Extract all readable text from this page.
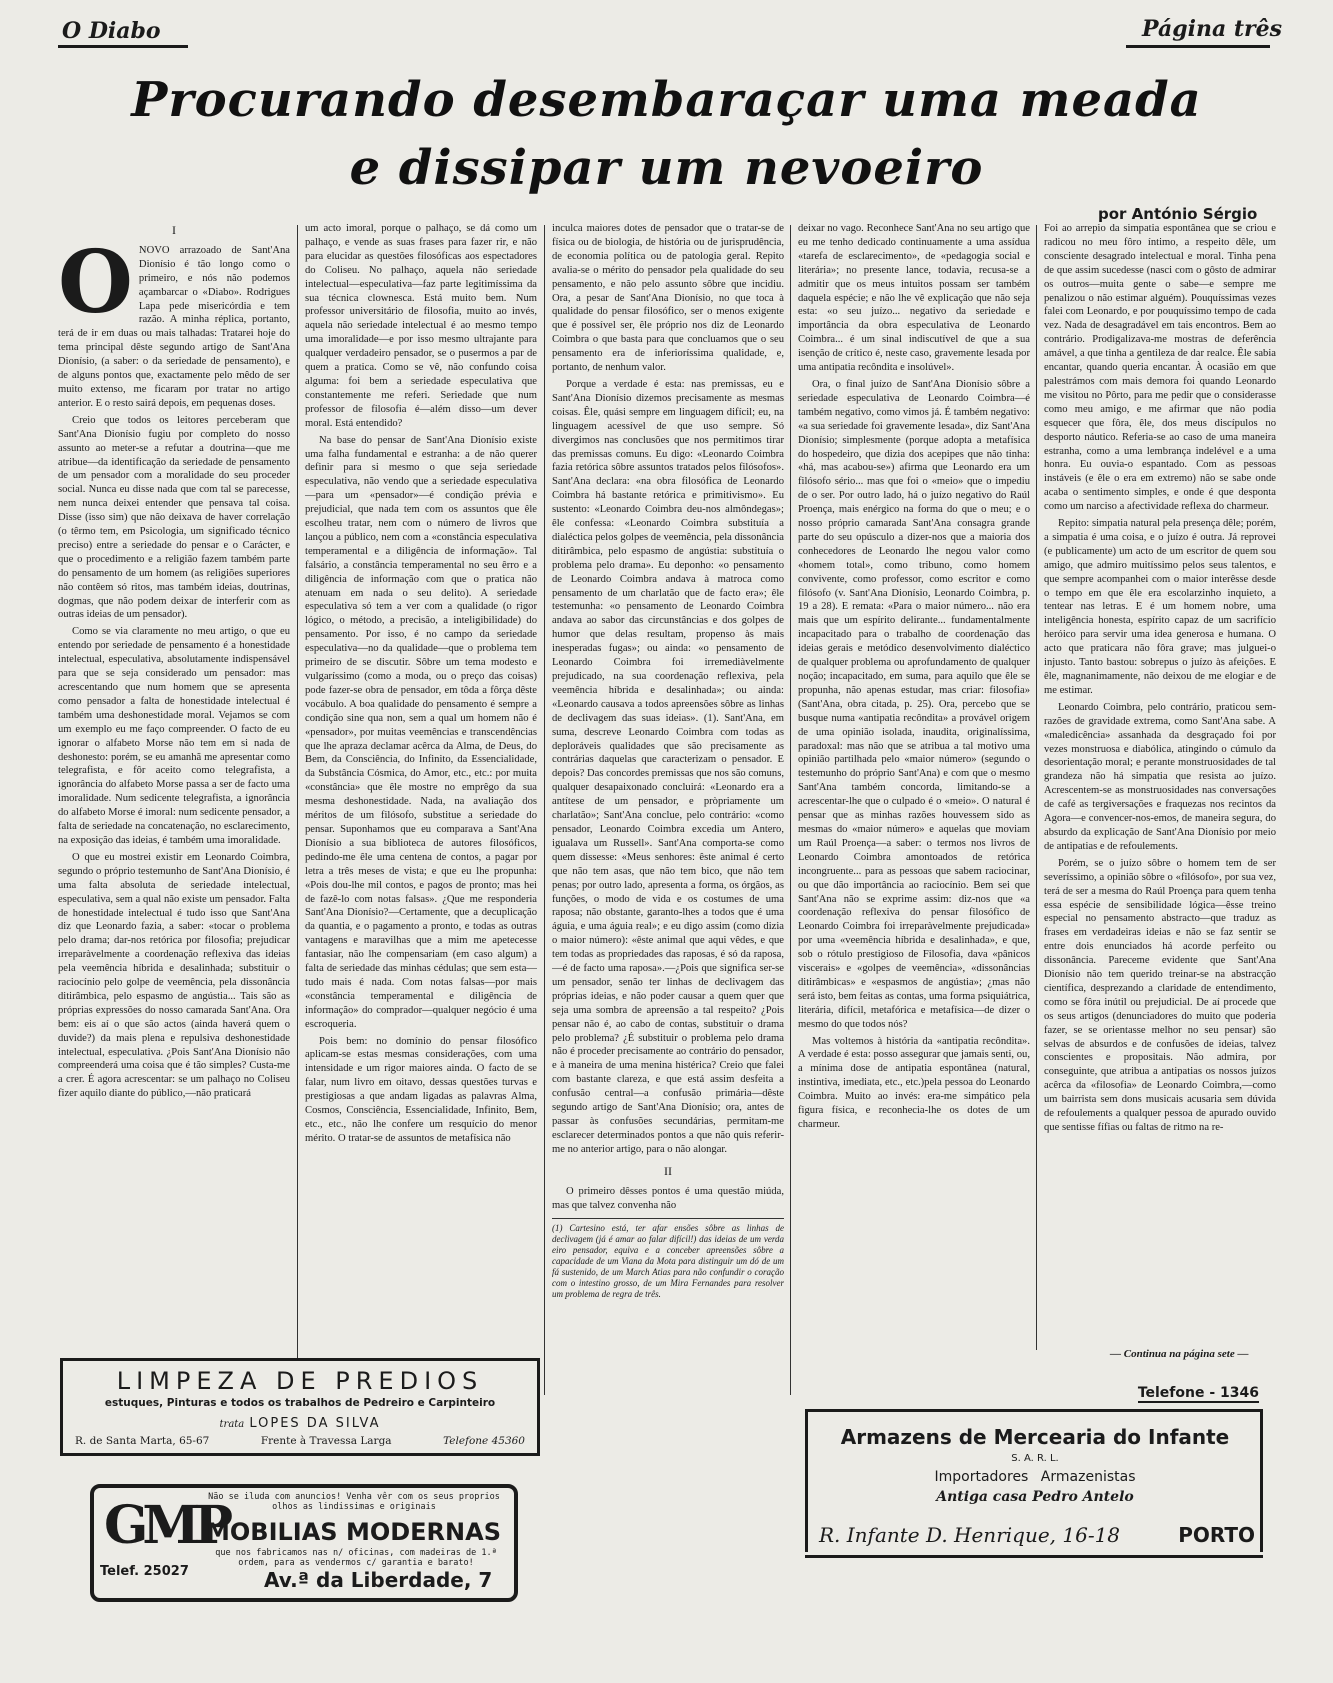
O Diabo	Página três
Procurando desembaraçar uma meada
e dissipar um nevoeiro
por António Sérgio
I
O NOVO arrazoado de Sant'Ana Dionísio é tão longo como o primeiro, e nós não podemos açambarcar o «Diabo». Rodrigues Lapa pede misericórdia e tem razão. A minha réplica, portanto, terá de ir em duas ou mais talhadas: Tratarei hoje do tema principal dêste segundo artigo de Sant'Ana Dionísio, (a saber: o da seriedade de pensamento), e de alguns pontos que, exactamente pelo mêdo de ser muito extenso, me ficaram por tratar no artigo anterior. E o resto sairá depois, em pequenas doses.

Creio que todos os leitores perceberam que Sant'Ana Dionísio fugiu por completo do nosso assunto ao meter-se a refutar a doutrina—que me atribue—da identificação da seriedade de pensamento de um pensador com a moralidade do seu proceder social. Nunca eu disse nada que com tal se parecesse, nem nunca deixei entender que pensava tal coisa. Disse (isso sim) que não deixava de haver correlação (o têrmo tem, em Psicologia, um significado técnico preciso) entre a seriedade do pensar e o Carácter, e que o procedimento e a religião fazem também parte do pensamento de um homem (as religiões superiores não contêem só ritos, mas também ideias, doutrinas, dogmas, que não podem deixar de interferir com as outras ideias de um pensador).

Como se via claramente no meu artigo, o que eu entendo por seriedade de pensamento é a honestidade intelectual, especulativa, absolutamente indispensável para que se seja considerado um pensador: mas acrescentando que num homem que se apresenta como pensador a falta de honestidade intelectual é também uma deshonestidade moral. Vejamos se com um exemplo eu me faço compreender. O facto de eu ignorar o alfabeto Morse não tem em si nada de deshonesto: porém, se eu amanhã me apresentar como telegrafista, e fôr aceito como telegrafista, a ignorância do alfabeto Morse passa a ser de facto uma imoralidade. Num sedicente telegrafista, a ignorância do alfabeto Morse é imoral: num sedicente pensador, a falta de seriedade na concatenação, no esclarecimento, na exposição das ideias, é também uma imoralidade.

O que eu mostrei existir em Leonardo Coimbra, segundo o próprio testemunho de Sant'Ana Dionísio, é uma falta absoluta de seriedade intelectual, especulativa, sem a qual não existe um pensador. Falta de honestidade intelectual é tudo isso que Sant'Ana diz que Leonardo fazia, a saber: «tocar o problema pelo drama; dar-nos retórica por filosofia; prejudicar irreparàvelmente a coordenação reflexiva das ideias pela veemência híbrida e desalinhada; substituir o raciocínio pelo golpe de veemência, pela dissonância ditirâmbica, pelo espasmo de angústia... Tais são as próprias expressões do nosso camarada Sant'Ana. Ora bem: eis aí o que são actos (ainda haverá quem o duvide?) da mais plena e repulsiva deshonestidade intelectual, especulativa. ¿Pois Sant'Ana Dionísio não compreenderá uma coisa que é tão simples? Custa-me a crer. É agora acrescentar: se um palhaço no Coliseu fizer aquilo diante do público,—não praticará

um acto imoral, porque o palhaço, se dá como um palhaço, e vende as suas frases para fazer rir, e não para elucidar as questões filosóficas aos espectadores do Coliseu. No palhaço, aquela não seriedade intelectual—especulativa—faz parte legitimíssima da sua técnica clownesca. Está muito bem. Num professor universitário de filosofia, muito ao invés, aquela não seriedade intelectual é ao mesmo tempo uma imoralidade—e por isso mesmo ultrajante para qualquer verdadeiro pensador, se o pusermos a par de quem a pratica. Como se vê, não confundo coisa alguma: foi bem a seriedade especulativa que constantemente me referi. Seriedade que num professor de filosofia é—além disso—um dever moral. Está entendido?

Na base do pensar de Sant'Ana Dionísio existe uma falha fundamental e estranha: a de não querer definir para si mesmo o que seja seriedade especulativa, não vendo que a seriedade especulativa—para um «pensador»—é condição prévia e prejudicial, que nada tem com os assuntos que êle escolheu tratar, nem com o número de livros que lançou a público, nem com a «constância especulativa temperamental e a diligência de informação». Tal falsário, a constância temperamental no seu êrro e a diligência de informação com que o pratica não atenuam em nada o seu delito). A seriedade especulativa só tem a ver com a qualidade (o rigor lógico, o método, a precisão, a inteligibilidade) do pensamento. Por isso, é no campo da seriedade especulativa—no da qualidade—que o problema tem primeiro de se discutir. Sôbre um tema modesto e vulgaríssimo (como a moda, ou o preço das coisas) pode fazer-se obra de pensador, em tôda a fôrça dêste vocábulo. A boa qualidade do pensamento é sempre a condição sine qua non, sem a qual um homem não é «pensador», por muitas veemências e transcendências que lhe apraza declamar acêrca da Alma, de Deus, do Bem, da Consciência, do Infinito, da Essencialidade, da Substância Cósmica, do Amor, etc., etc.: por muita «constância» que êle mostre no emprêgo da sua mesma deshonestidade. Nada, na avaliação dos méritos de um filósofo, substitue a seriedade do pensar. Suponhamos que eu comparava a Sant'Ana Dionísio a sua biblioteca de autores filosóficos, pedindo-me êle uma centena de contos, a pagar por letra a três meses de vista; e que eu lhe propunha: «Pois dou-lhe mil contos, e pagos de pronto; mas hei de fazê-lo com notas falsas». ¿Que me responderia Sant'Ana Dionísio?—Certamente, que a decuplicação da quantia, e o pagamento a pronto, e todas as outras vantagens e maravilhas que a mim me apetecesse fantasiar, não lhe compensariam (em caso algum) a falta de seriedade das minhas cédulas; que sem esta—tudo mais é nada. Com notas falsas—por mais «constância temperamental e diligência de informação» do comprador—qualquer negócio é uma escroqueria.

Pois bem: no domínio do pensar filosófico aplicam-se estas mesmas considerações, com uma intensidade e um rigor maiores ainda. O facto de se falar, num livro em oitavo, dessas questões turvas e prestigiosas a que andam ligadas as palavras Alma, Cosmos, Consciência, Essencialidade, Infinito, Bem, etc., etc., não lhe confere um resquício do menor mérito. O tratar-se de assuntos de metafísica não

inculca maiores dotes de pensador que o tratar-se de física ou de biologia, de história ou de jurisprudência, de economia política ou de patologia geral. Repito avalia-se o mérito do pensador pela qualidade do seu pensamento, e não pelo assunto sôbre que incidiu. Ora, a pesar de Sant'Ana Dionísio, no que toca à qualidade do pensar filosófico, ser o menos exigente que é possível ser, êle próprio nos diz de Leonardo Coimbra o que basta para que concluamos que o seu pensamento era de inferioríssima qualidade, e, portanto, de nenhum valor.

Porque a verdade é esta: nas premissas, eu e Sant'Ana Dionísio dizemos precisamente as mesmas coisas. Êle, quási sempre em linguagem difícil; eu, na linguagem acessível de que uso sempre. Só divergimos nas conclusões que nos permitimos tirar das premissas comuns. Eu digo: «Leonardo Coimbra fazia retórica sôbre assuntos tratados pelos filósofos». Sant'Ana declara: «na obra filosófica de Leonardo Coimbra há bastante retórica e primitivismo». Eu sustento: «Leonardo Coimbra deu-nos almôndegas»; êle confessa: «Leonardo Coimbra substituía a dialéctica pelos golpes de veemência, pela dissonância ditirâmbica, pelo espasmo de angústia: substituía o problema pelo drama». Eu deponho: «o pensamento de Leonardo Coimbra andava à matroca como pensamento de um charlatão que de facto era»; êle testemunha: «o pensamento de Leonardo Coimbra andava ao sabor das circunstâncias e dos golpes de humor que delas resultam, propenso às mais inesperadas fugas»; ou ainda: «o pensamento de Leonardo Coimbra foi irremediàvelmente prejudicado, na sua coordenação reflexiva, pela veemência híbrida e desalinhada»; ou ainda: «Leonardo causava a todos apreensões sôbre as linhas de declivagem das suas ideias». (1). Sant'Ana, em suma, descreve Leonardo Coimbra com todas as deploráveis qualidades que são precisamente as contrárias daquelas que caracterizam o pensador. E depois? Das concordes premissas que nos são comuns, qualquer desapaixonado concluirá: «Leonardo era a antítese de um pensador, e pròpriamente um charlatão»; Sant'Ana conclue, pelo contrário: «como pensador, Leonardo Coimbra excedia um Antero, igualava um Russell». Sant'Ana comporta-se como quem dissesse: «Meus senhores: êste animal é certo que não tem asas, que não tem bico, que não tem penas; por outro lado, apresenta a forma, os órgãos, as funções, o modo de vida e os costumes de uma raposa; não obstante, garanto-lhes a todos que é uma águia, e uma águia real»; e eu digo assim (como dizia o maior número): «êste animal que aqui vêdes, e que tem todas as propriedades das raposas, é só da raposa,—é de facto uma raposa».—¿Pois que significa ser-se um pensador, senão ter linhas de declivagem das próprias ideias, e não poder causar a quem quer que seja uma sombra de apreensão a tal respeito? ¿Pois pensar não é, ao cabo de contas, substituir o drama pelo problema? ¿É substituir o problema pelo drama não é proceder precisamente ao contrário do pensador, e à maneira de uma menina histérica? Creio que falei com bastante clareza, e que está assim desfeita a confusão central—a confusão primária—dêste segundo artigo de Sant'Ana Dionísio; ora, antes de passar às confusões secundárias, permitam-me esclarecer determinados pontos a que não quis referir-me no anterior artigo, para o não alongar.

II

O primeiro dêsses pontos é uma questão miúda, mas que talvez convenha não

(1) Cartesino está, ter afar ensões sôbre as linhas de declivagem (já é amar ao falar difícil!) das ideias de um verda eiro pensador, equiva e a conceber apreensões sôbre a capacidade de um Viana da Mota para distinguir um dó de um fá sustenido, de um March Atias para não confundir o coração com o intestino grosso, de um Mira Fernandes para resolver um problema de regra de três.

deixar no vago. Reconhece Sant'Ana no seu artigo que eu me tenho dedicado continuamente a uma assídua «tarefa de esclarecimento», de «pedagogia social e literária»; no presente lance, todavia, recusa-se a admitir que os meus intuitos possam ser também daquela espécie; e não lhe vê explicação que não seja esta: «o seu juízo... negativo da seriedade e importância da obra especulativa de Leonardo Coimbra... é um sinal indiscutível de que a sua isenção de crítico é, neste caso, gravemente lesada por uma antipatia recôndita e insolúvel».

Ora, o final juízo de Sant'Ana Dionísio sôbre a seriedade especulativa de Leonardo Coimbra—é também negativo, como vimos já. É também negativo: «a sua seriedade foi gravemente lesada», diz Sant'Ana Dionísio; simplesmente (porque adopta a metafísica do hospedeiro, que dizia dos acepipes que não tinha: «há, mas acabou-se») afirma que Leonardo era um filósofo sério... mas que foi o «meio» que o impediu de o ser. Por outro lado, há o juízo negativo do Raúl Proença, mais enérgico na forma do que o meu; e o nosso próprio camarada Sant'Ana consagra grande parte do seu opúsculo a dizer-nos que a maioria dos conhecedores de Leonardo lhe negou valor como «homem total», como tribuno, como homem convivente, como professor, como escritor e como filósofo (v. Sant'Ana Dionísio, Leonardo Coimbra, p. 19 a 28). E remata: «Para o maior número... não era mais que um espírito delirante... fundamentalmente incapacitado para o trabalho de coordenação das ideias gerais e metódico desenvolvimento dialéctico de qualquer problema ou aprofundamento de qualquer noção; incapacitado, em suma, para aquilo que êle se propunha, não apenas estudar, mas criar: filosofia» (Sant'Ana, obra citada, p. 25). Ora, percebo que se busque numa «antipatia recôndita» a provável origem de uma opinião isolada, inaudita, originalíssima, paradoxal: mas não que se atribua a tal motivo uma opinião partilhada pelo «maior número» (segundo o testemunho do próprio Sant'Ana) e com que o mesmo Sant'Ana também concorda, limitando-se a acrescentar-lhe que o culpado é o «meio». O natural é pensar que as minhas razões houvessem sido as mesmas do «maior número» e aquelas que moviam um Raúl Proença—a saber: o termos nos livros de Leonardo Coimbra amontoados de retórica incongruente... para as pessoas que sabem raciocinar, ou que dão importância ao raciocínio. Bem sei que Sant'Ana não se exprime assim: diz-nos que «a coordenação reflexiva do pensar filosófico de Leonardo Coimbra foi irreparàvelmente prejudicada» por uma «veemência híbrida e desalinhada», e que, sob o rótulo prestigioso de Filosofia, dava «pânicos viscerais» e «golpes de veemência», «dissonâncias ditirâmbicas» e «espasmos de angústia»; ¿mas não será isto, bem feitas as contas, uma forma psiquiátrica, literária, difícil, metafórica e metafísica—de dizer o mesmo do que todos nós?

Mas voltemos à história da «antipatia recôndita». A verdade é esta: posso assegurar que jamais senti, ou, a mínima dose de antipatia espontânea (natural, instintiva, imediata, etc., etc.)pela pessoa do Leonardo Coimbra. Muito ao invés: era-me simpático pela figura física, e reconhecia-lhe os dotes de um charmeur.

Foi ao arrepio da simpatia espontânea que se criou e radicou no meu fôro íntimo, a respeito dêle, um consciente desagrado intelectual e moral. Tinha pena de que assim sucedesse (nasci com o gôsto de admirar os outros—muita gente o sabe—e sempre me penalizou o não estimar alguém). Pouquíssimas vezes falei com Leonardo, e por pouquíssimo tempo de cada vez. Nada de desagradável em tais encontros. Bem ao contrário. Prodigalizava-me mostras de deferência amável, a que tinha a gentileza de dar realce. Êle sabia encantar, quando queria encantar. À ocasião em que palestrámos com mais demora foi quando Leonardo me visitou no Pôrto, para me pedir que o considerasse como meu amigo, e me afirmar que não podia esquecer que fôra, êle, dos meus discípulos no desporto náutico. Referia-se ao caso de uma maneira estranha, como a uma lembrança indelével e a uma honra. Eu ouvia-o espantado. Com as pessoas instáveis (e êle o era em extremo) não se sabe onde acaba o sentimento simples, e onde é que desponta como um narciso a afectividade reflexa do charmeur.

Repito: simpatia natural pela presença dêle; porém, a simpatia é uma coisa, e o juízo é outra. Já reprovei (e publicamente) um acto de um escritor de quem sou amigo, que admiro muitíssimo pelos seus talentos, e que sempre acompanhei com o maior interêsse desde o tempo em que êle era escolarzinho inquieto, a tentear nas letras. E é um homem nobre, uma inteligência honesta, espírito capaz de um sacrifício heróico para servir uma idea generosa e humana. O acto que praticara não fôra grave; mas julguei-o injusto. Tanto bastou: sobrepus o juízo às afeições. E êle, magnanimamente, não deixou de me elogiar e de me estimar.

Leonardo Coimbra, pelo contrário, praticou sem-razões de gravidade extrema, como Sant'Ana sabe. A «maledicência» assanhada da desgraçado foi por vezes monstruosa e diabólica, atingindo o cúmulo da desorientação moral; e perante monstruosidades de tal grandeza não há simpatia que resista ao juízo. Acrescentem-se as monstruosidades nas conversações de café as tergiversações e fraquezas nos recintos da Agora—e convencer-nos-emos, de maneira segura, do absurdo da explicação de Sant'Ana Dionísio por meio de antipatias e de refoulements.

Porém, se o juízo sôbre o homem tem de ser severíssimo, a opinião sôbre o «filósofo», por sua vez, terá de ser a mesma do Raúl Proença para quem tenha essa espécie de sensibilidade lógica—êsse treino especial no pensamento abstracto—que traduz as frases em verdadeiras ideias e não se faz sentir se entre dois enunciados há acorde perfeito ou dissonância. Pareceme evidente que Sant'Ana Dionísio não tem querido treinar-se na abstracção científica, desprezando a claridade de entendimento, como se fôra inútil ou prejudicial. De aí procede que os seus artigos (denunciadores do muito que poderia fazer, se se orientasse melhor no seu pensar) são selvas de absurdos e de confusões de ideias, talvez conscientes e propositais. Não admira, por conseguinte, que atribua a antipatias os nossos juízos acêrca da «filosofia» de Leonardo Coimbra,—como um bairrista sem dons musicais acusaria sem dúvida de refoulements a qualquer pessoa de apurado ouvido que sentisse fífias ou faltas de ritmo na re-

— Continua na página sete —
LIMPEZA DE PREDIOS
estuques, Pinturas e todos os trabalhos de Pedreiro e Carpinteiro
trata LOPES DA SILVA
R. de Santa Marta, 65-67	Frente à Travessa Larga	Telefone 45360
Não se iluda com anuncios! Venha vêr com os seus proprios olhos as lindissimas e originais
GMP
Telef. 25027
MOBILIAS MODERNAS
que nos fabricamos nas n/ oficinas, com madeiras de 1.ª ordem, para as vendermos c/ garantia e barato!
Av.ª da Liberdade, 7
Telefone - 1346
Armazens de Mercearia do Infante
S. A. R. L.
Importadores Armazenistas
Antiga casa Pedro Antelo
R. Infante D. Henrique, 16-18	PORTO
